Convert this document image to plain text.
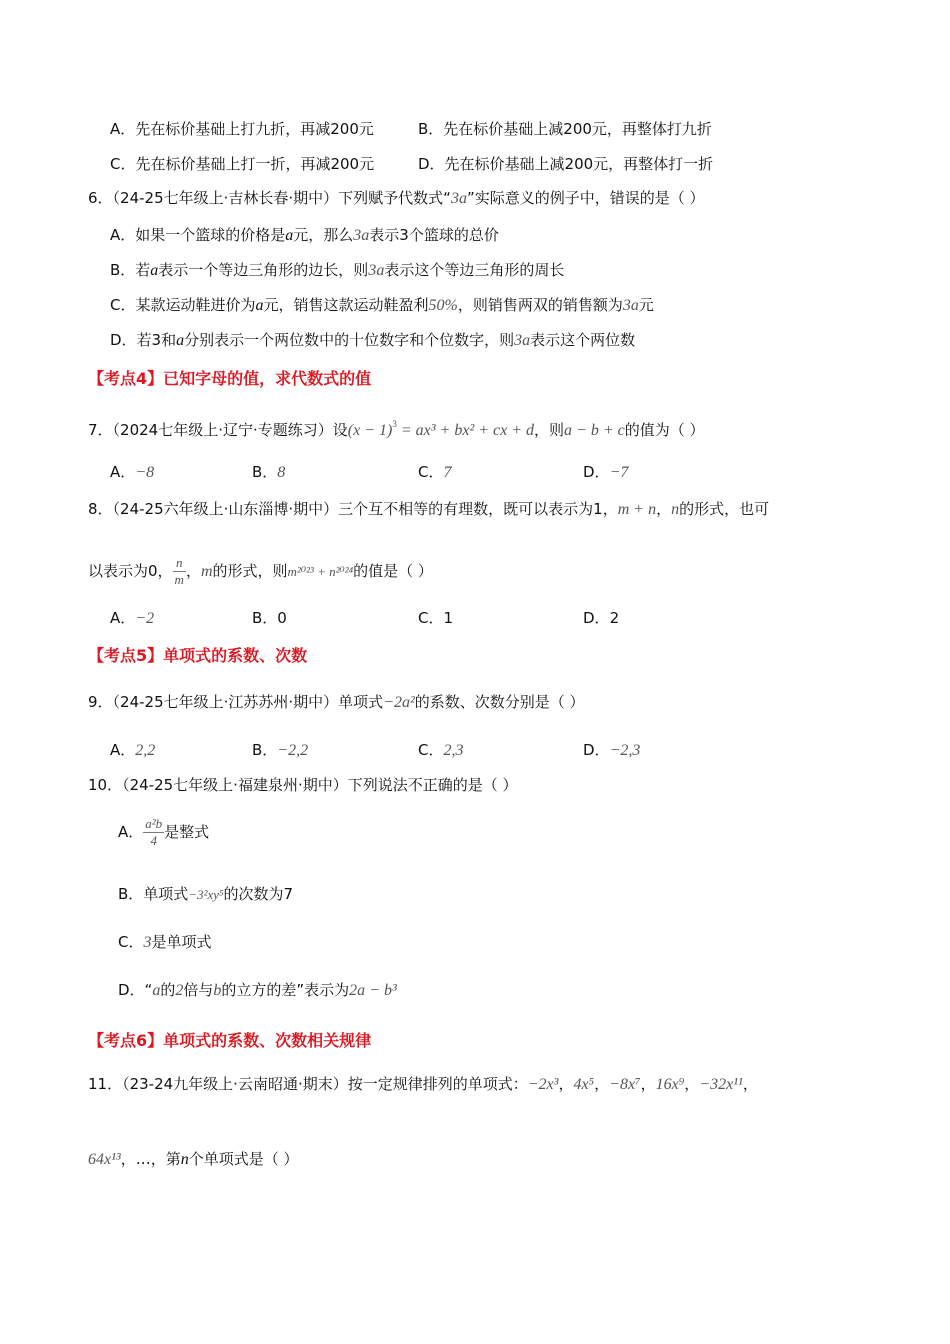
A．先在标价基础上打九折，再减200元	B．先在标价基础上减200元，再整体打九折
C．先在标价基础上打一折，再减200元	D．先在标价基础上减200元，再整体打一折
6．（24-25七年级上·吉林长春·期中）下列赋予代数式“3a”实际意义的例子中，错误的是（ ）
A．如果一个篮球的价格是a元，那么3a表示3个篮球的总价
B．若a表示一个等边三角形的边长，则3a表示这个等边三角形的周长
C．某款运动鞋进价为a元，销售这款运动鞋盈利50%，则销售两双的销售额为3a元
D．若3和a分别表示一个两位数中的十位数字和个位数字，则3a表示这个两位数
【考点4】已知字母的值，求代数式的值
7．（2024七年级上·辽宁·专题练习）设$(x - 1)^3 = ax^3 + bx^2$ + cx + d，则a − b + c的值为（ ）
A．−8	B．8	C．7	D．−7
8．（24-25六年级上·山东淄博·期中）三个互不相等的有理数，既可以表示为1，m + n，n的形式，也可
以表示为0， $\frac{n}{m}$ ，m的形式，则m²⁰²³ + n²⁰²⁴的值是（ ）
A．−2	B．0	C．1	D．2
【考点5】单项式的系数、次数
9．（24-25七年级上·江苏苏州·期中）单项式−2a²的系数、次数分别是（ ）
A．2,2	B．−2,2	C．2,3	D．−2,3
10．（24-25七年级上·福建泉州·期中）下列说法不正确的是（ ）
A． $\frac{\text{a²b}}{4}$ 是整式
B．单项式−3²xy⁵的次数为7
C．3是单项式
D．“a的2倍与b的立方的差”表示为2a − b³
【考点6】单项式的系数、次数相关规律
11．（23-24九年级上·云南昭通·期末）按一定规律排列的单项式：−2x³，4x⁵，−8x⁷，16x⁹，−32x¹¹，
64x¹³，…，第n个单项式是（ ）
